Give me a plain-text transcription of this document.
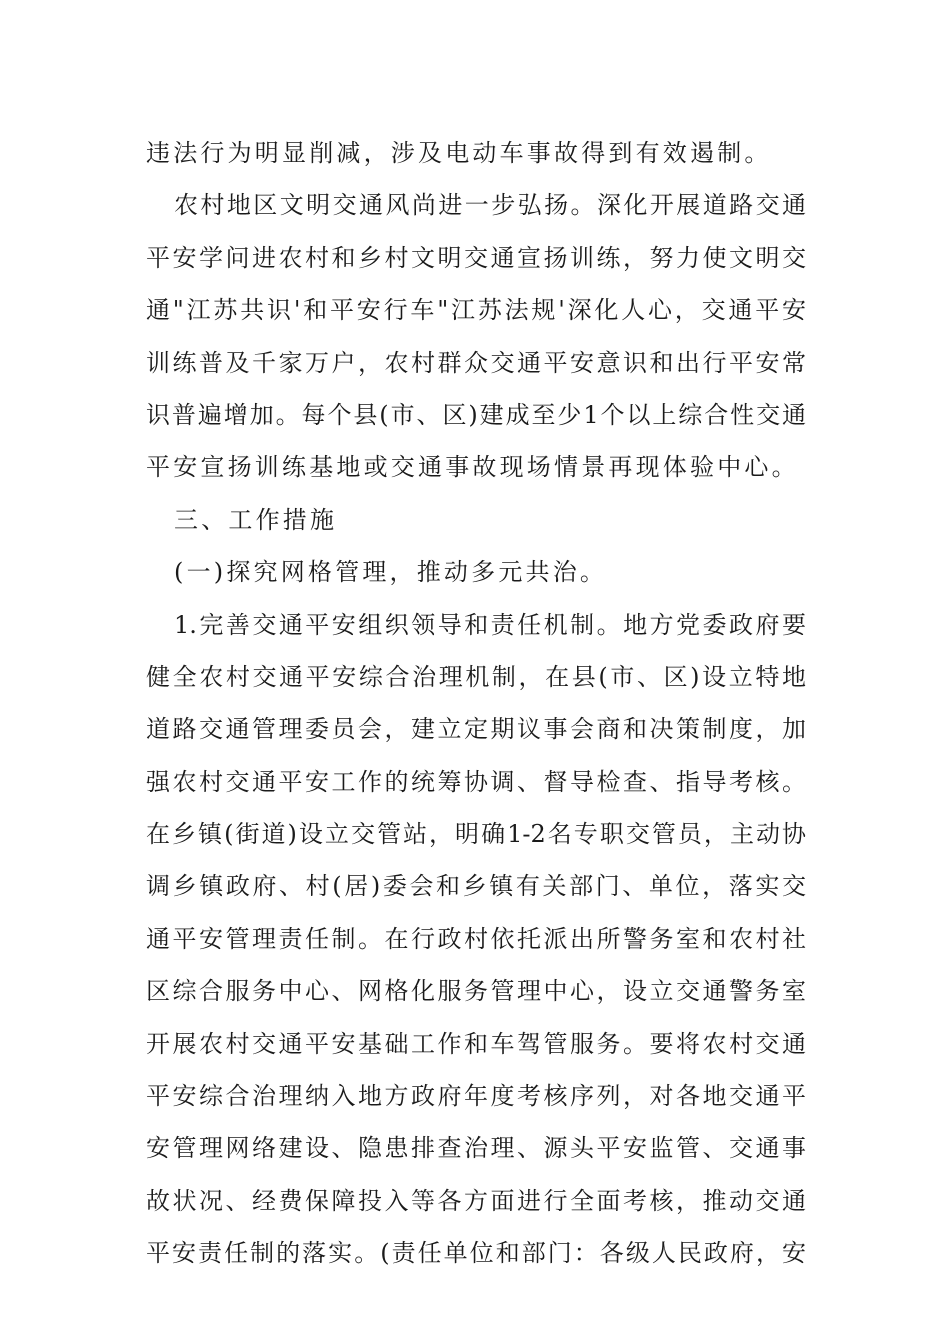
违法行为明显削减，涉及电动车事故得到有效遏制。
农村地区文明交通风尚进一步弘扬。深化开展道路交通
平安学问进农村和乡村文明交通宣扬训练，努力使文明交
通"江苏共识'和平安行车"江苏法规'深化人心，交通平安
训练普及千家万户，农村群众交通平安意识和出行平安常
识普遍增加。每个县(市、区)建成至少1个以上综合性交通
平安宣扬训练基地或交通事故现场情景再现体验中心。
三、工作措施
(一)探究网格管理，推动多元共治。
1.完善交通平安组织领导和责任机制。地方党委政府要
健全农村交通平安综合治理机制，在县(市、区)设立特地
道路交通管理委员会，建立定期议事会商和决策制度，加
强农村交通平安工作的统筹协调、督导检查、指导考核。
在乡镇(街道)设立交管站，明确1-2名专职交管员，主动协
调乡镇政府、村(居)委会和乡镇有关部门、单位，落实交
通平安管理责任制。在行政村依托派出所警务室和农村社
区综合服务中心、网格化服务管理中心，设立交通警务室
开展农村交通平安基础工作和车驾管服务。要将农村交通
平安综合治理纳入地方政府年度考核序列，对各地交通平
安管理网络建设、隐患排查治理、源头平安监管、交通事
故状况、经费保障投入等各方面进行全面考核，推动交通
平安责任制的落实。(责任单位和部门：各级人民政府，安
